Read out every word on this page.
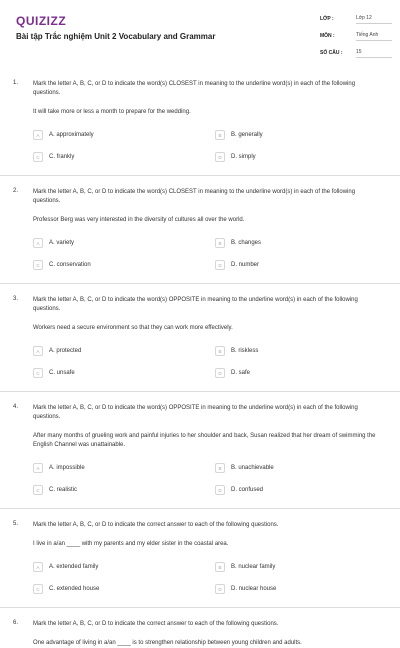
QUIZIZZ
Bài tập Trắc nghiệm Unit 2 Vocabulary and Grammar
LỚP :	Lớp 12
MÔN :	Tiếng Anh
SỐ CÂU :	15
1. Mark the letter A, B, C, or D to indicate the word(s) CLOSEST in meaning to the underline word(s) in each of the following questions.
It will take more or less a month to prepare for the wedding.
A	A. approximately	B	B. generally
C	C. frankly	D	D. simply
2. Mark the letter A, B, C, or D to indicate the word(s) CLOSEST in meaning to the underline word(s) in each of the following questions.
Professor Berg was very interested in the diversity of cultures all over the world.
A	A. variety	B	B. changes
C	C. conservation	D	D. number
3. Mark the letter A, B, C, or D to indicate the word(s) OPPOSITE in meaning to the underline word(s) in each of the following questions.
Workers need a secure environment so that they can work more effectively.
A	A. protected	B	B. riskless
C	C. unsafe	D	D. safe
4. Mark the letter A, B, C, or D to indicate the word(s) OPPOSITE in meaning to the underline word(s) in each of the following questions.
After many months of grueling work and painful injuries to her shoulder and back, Susan realized that her dream of swimming the English Channel was unattainable.
A	A. impossible	B	B. unachievable
C	C. realistic	D	D. confused
5. Mark the letter A, B, C, or D to indicate the correct answer to each of the following questions.
I live in a/an ____ with my parents and my elder sister in the coastal area.
A	A. extended family	B	B. nuclear family
C	C. extended house	D	D. nuclear house
6. Mark the letter A, B, C, or D to indicate the correct answer to each of the following questions.
One advantage of living in a/an ____ is to strengthen relationship between young children and adults.
